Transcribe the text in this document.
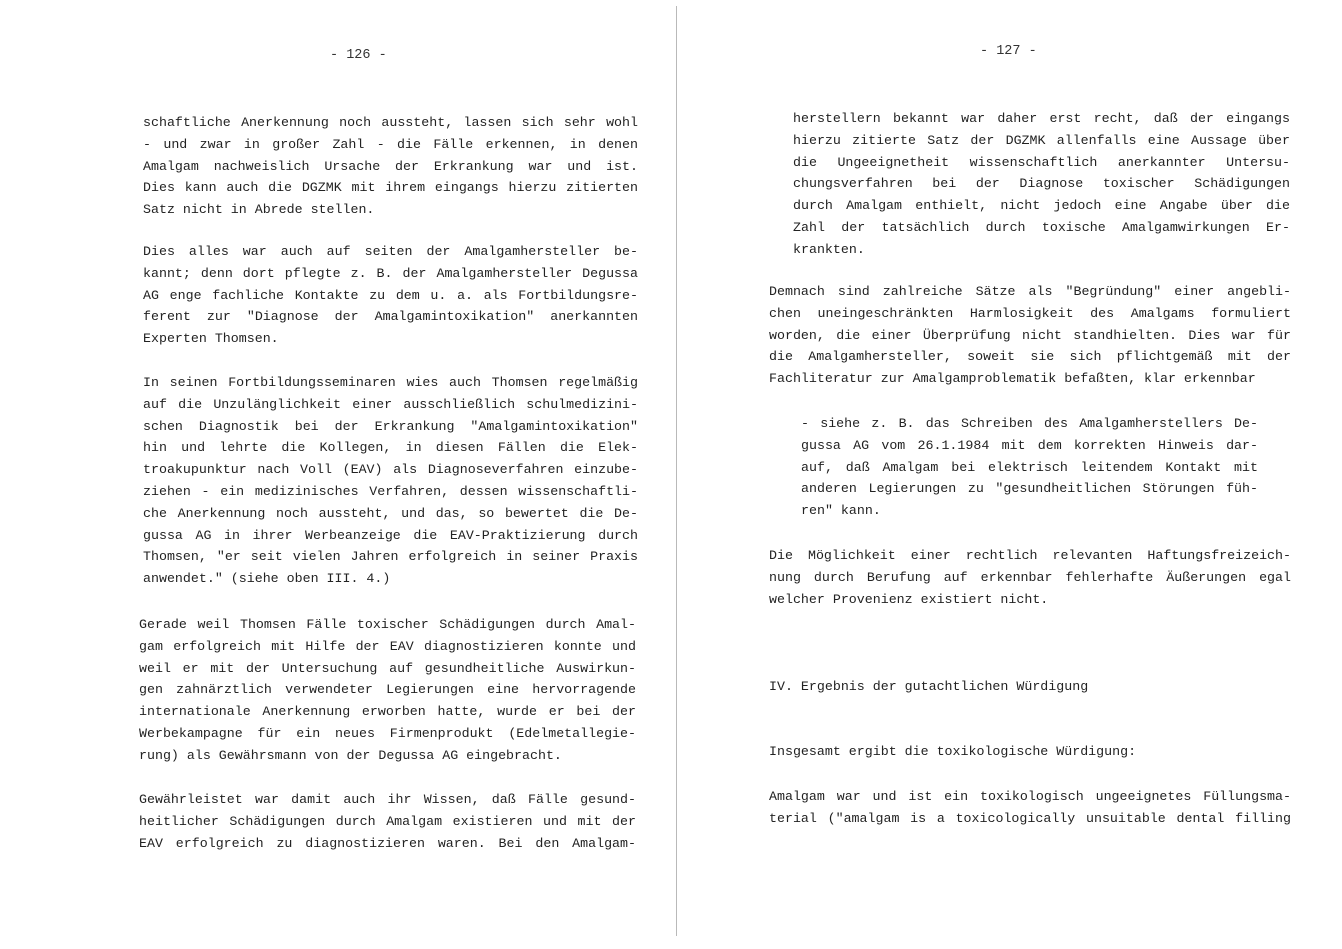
- 126 -
schaftliche Anerkennung noch aussteht, lassen sich sehr wohl
- und zwar in großer Zahl - die Fälle erkennen, in denen
Amalgam nachweislich Ursache der Erkrankung war und ist.
Dies kann auch die DGZMK mit ihrem eingangs hierzu zitierten
Satz nicht in Abrede stellen.
Dies alles war auch auf seiten der Amalgamhersteller be-
kannt; denn dort pflegte z. B. der Amalgamhersteller Degussa
AG enge fachliche Kontakte zu dem u. a. als Fortbildungsre-
ferent zur "Diagnose der Amalgamintoxikation" anerkannten
Experten Thomsen.
In seinen Fortbildungsseminaren wies auch Thomsen regelmäßig
auf die Unzulänglichkeit einer ausschließlich schulmedizini-
schen Diagnostik bei der Erkrankung "Amalgamintoxikation"
hin und lehrte die Kollegen, in diesen Fällen die Elek-
troakupunktur nach Voll (EAV) als Diagnoseverfahren einzube-
ziehen - ein medizinisches Verfahren, dessen wissenschaftli-
che Anerkennung noch aussteht, und das, so bewertet die De-
gussa AG in ihrer Werbeanzeige die EAV-Praktizierung durch
Thomsen, "er seit vielen Jahren erfolgreich in seiner Praxis
anwendet." (siehe oben III. 4.)
Gerade weil Thomsen Fälle toxischer Schädigungen durch Amal-
gam erfolgreich mit Hilfe der EAV diagnostizieren konnte und
weil er mit der Untersuchung auf gesundheitliche Auswirkun-
gen zahnärztlich verwendeter Legierungen eine hervorragende
internationale Anerkennung erworben hatte, wurde er bei der
Werbekampagne für ein neues Firmenprodukt (Edelmetallegie-
rung) als Gewährsmann von der Degussa AG eingebracht.
Gewährleistet war damit auch ihr Wissen, daß Fälle gesund-
heitlicher Schädigungen durch Amalgam existieren und mit der
EAV erfolgreich zu diagnostizieren waren. Bei den Amalgam-
- 127 -
herstellern bekannt war daher erst recht, daß der eingangs
hierzu zitierte Satz der DGZMK allenfalls eine Aussage über
die Ungeeignetheit wissenschaftlich anerkannter Untersu-
chungsverfahren bei der Diagnose toxischer Schädigungen
durch Amalgam enthielt, nicht jedoch eine Angabe über die
Zahl der tatsächlich durch toxische Amalgamwirkungen Er-
krankten.
Demnach sind zahlreiche Sätze als "Begründung" einer angebli-
chen uneingeschränkten Harmlosigkeit des Amalgams formuliert
worden, die einer Überprüfung nicht standhielten. Dies war für
die Amalgamhersteller, soweit sie sich pflichtgemäß mit der
Fachliteratur zur Amalgamproblematik befaßten, klar erkennbar
- siehe z. B. das Schreiben des Amalgamherstellers De-
gussa AG vom 26.1.1984 mit dem korrekten Hinweis dar-
auf, daß Amalgam bei elektrisch leitendem Kontakt mit
anderen Legierungen zu "gesundheitlichen Störungen füh-
ren" kann.
Die Möglichkeit einer rechtlich relevanten Haftungsfreizeich-
nung durch Berufung auf erkennbar fehlerhafte Äußerungen egal
welcher Provenienz existiert nicht.
IV. Ergebnis der gutachtlichen Würdigung
Insgesamt ergibt die toxikologische Würdigung:
Amalgam war und ist ein toxikologisch ungeeignetes Füllungsma-
terial ("amalgam is a toxicologically unsuitable dental filling
